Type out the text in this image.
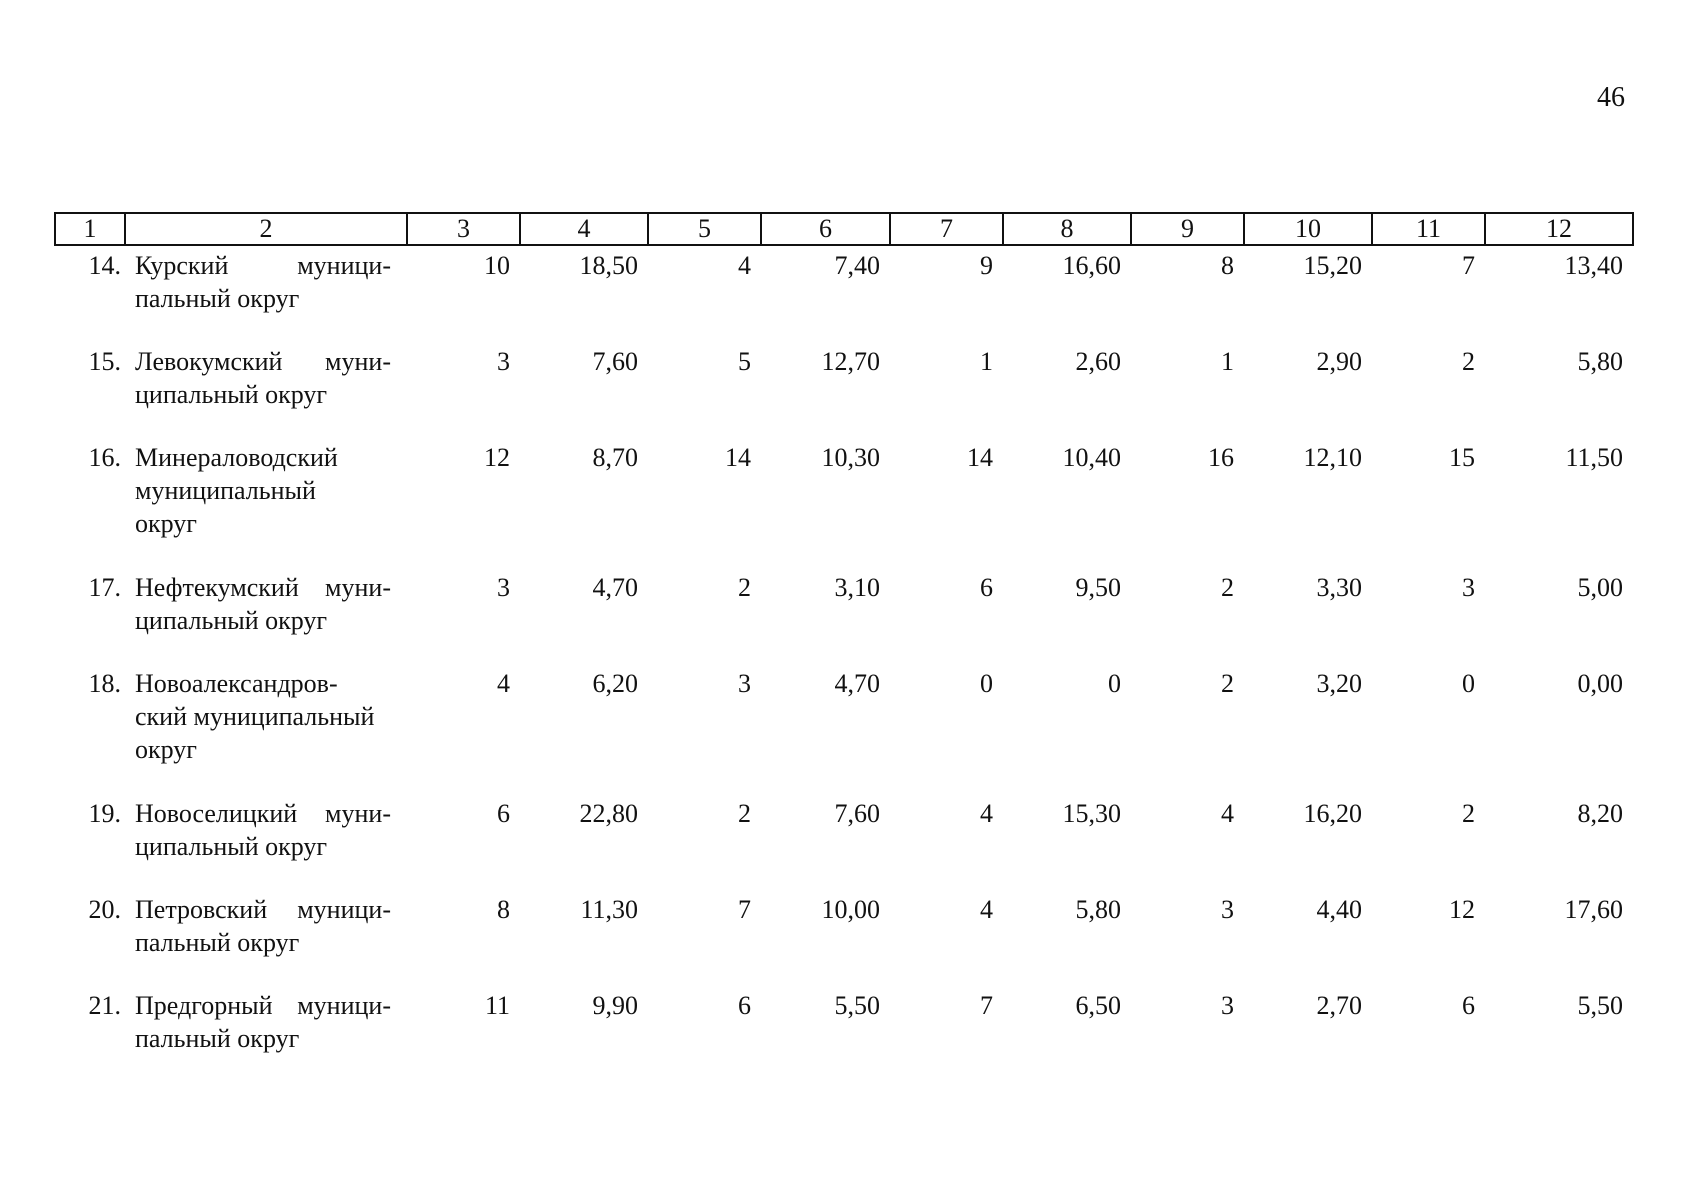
46
1	2	3	4	5	6	7	8	9	10	11	12
14.	Курский муници-
пальный округ	10	18,50	4	7,40	9	16,60	8	15,20	7	13,40
15.	Левокумский муни-
ципальный округ	3	7,60	5	12,70	1	2,60	1	2,90	2	5,80
16.	Минераловодский
муниципальный
округ	12	8,70	14	10,30	14	10,40	16	12,10	15	11,50
17.	Нефтекумский муни-
ципальный округ	3	4,70	2	3,10	6	9,50	2	3,30	3	5,00
18.	Новоалександров-
ский муниципальный
округ	4	6,20	3	4,70	0	0	2	3,20	0	0,00
19.	Новоселицкий муни-
ципальный округ	6	22,80	2	7,60	4	15,30	4	16,20	2	8,20
20.	Петровский муници-
пальный округ	8	11,30	7	10,00	4	5,80	3	4,40	12	17,60
21.	Предгорный муници-
пальный округ	11	9,90	6	5,50	7	6,50	3	2,70	6	5,50
